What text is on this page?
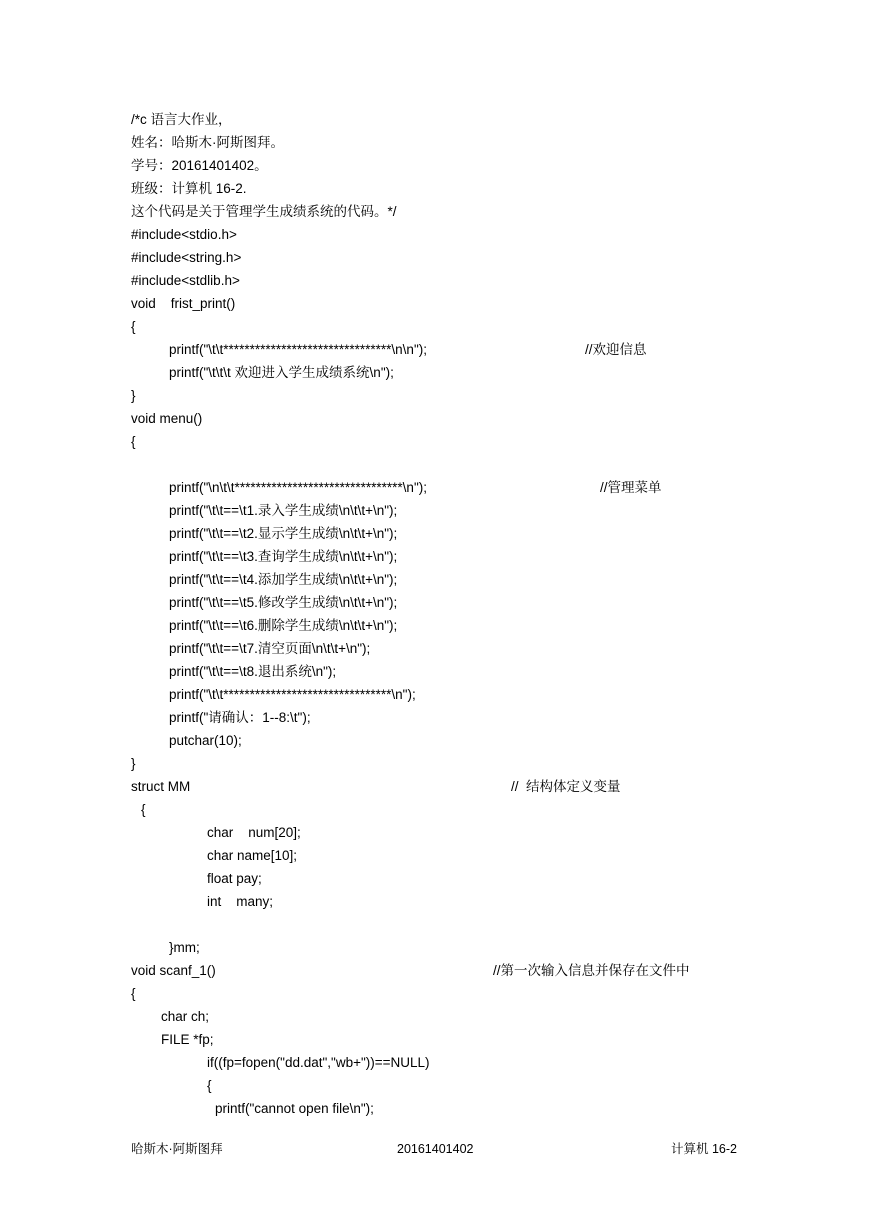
/*c 语言大作业，
姓名：哈斯木·阿斯图拜。
学号：20161401402。
班级：计算机 16-2.
这个代码是关于管理学生成绩系统的代码。*/
#include<stdio.h>
#include<string.h>
#include<stdlib.h>
void    frist_print()
{
printf("\t\t********************************\n\n");	//欢迎信息
printf("\t\t\t 欢迎进入学生成绩系统\n");
}
void menu()
{
printf("\n\t\t********************************\n");	//管理菜单
printf("\t\t==\t1.录入学生成绩\n\t\t+\n");
printf("\t\t==\t2.显示学生成绩\n\t\t+\n");
printf("\t\t==\t3.查询学生成绩\n\t\t+\n");
printf("\t\t==\t4.添加学生成绩\n\t\t+\n");
printf("\t\t==\t5.修改学生成绩\n\t\t+\n");
printf("\t\t==\t6.删除学生成绩\n\t\t+\n");
printf("\t\t==\t7.清空页面\n\t\t+\n");
printf("\t\t==\t8.退出系统\n");
printf("\t\t********************************\n");
printf("请确认：1--8:\t");
putchar(10);
}
struct MM	//  结构体定义变量
{
char    num[20];
char name[10];
float pay;
int    many;
}mm;
void scanf_1()	//第一次输入信息并保存在文件中
{
char ch;
FILE *fp;
if((fp=fopen("dd.dat","wb+"))==NULL)
{
printf("cannot open file\n");
哈斯木·阿斯图拜	20161401402	计算机 16-2
